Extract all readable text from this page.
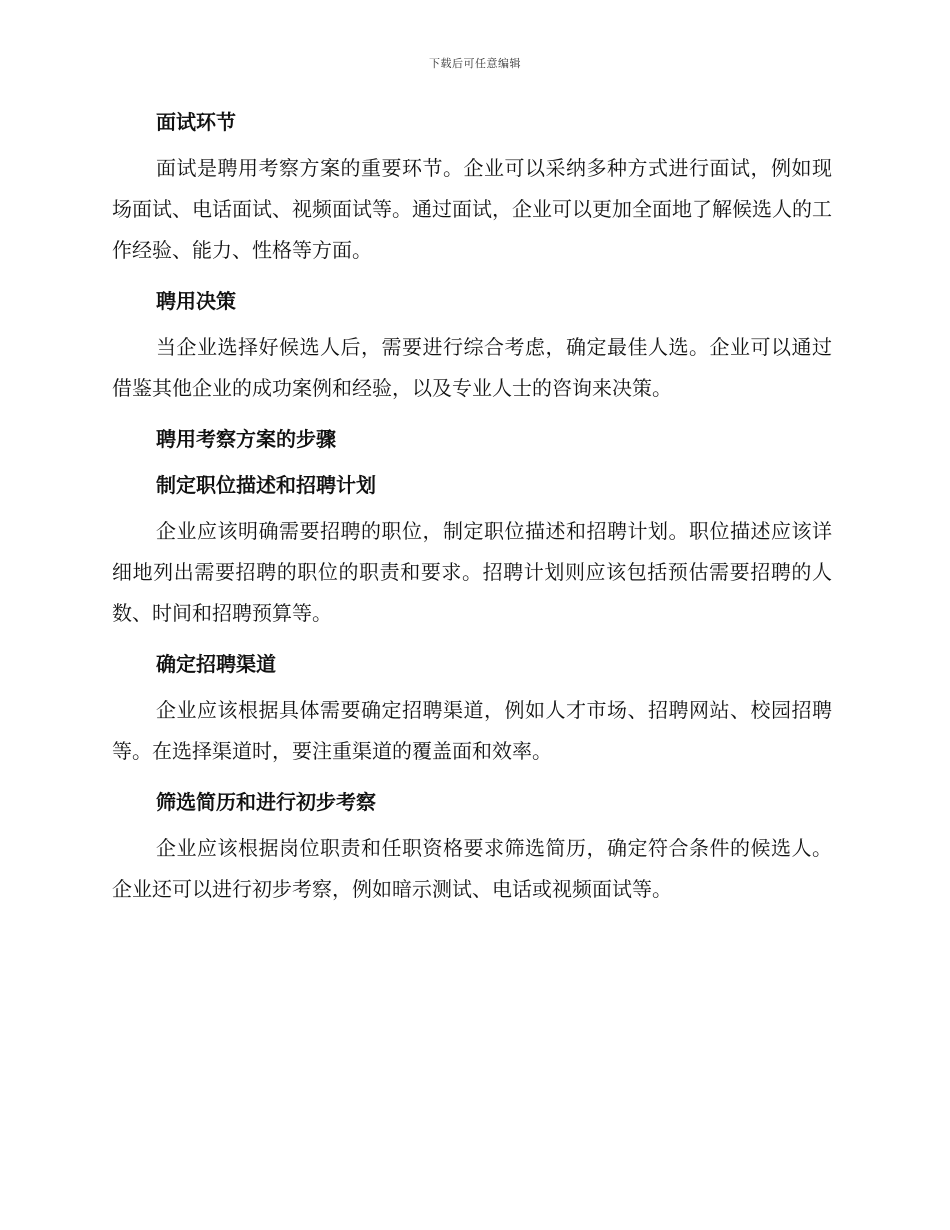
下载后可任意编辑
面试环节

面试是聘用考察方案的重要环节。企业可以采纳多种方式进行面试，例如现场面试、电话面试、视频面试等。通过面试，企业可以更加全面地了解候选人的工作经验、能力、性格等方面。

聘用决策

当企业选择好候选人后，需要进行综合考虑，确定最佳人选。企业可以通过借鉴其他企业的成功案例和经验，以及专业人士的咨询来决策。

聘用考察方案的步骤
制定职位描述和招聘计划

企业应该明确需要招聘的职位，制定职位描述和招聘计划。职位描述应该详细地列出需要招聘的职位的职责和要求。招聘计划则应该包括预估需要招聘的人数、时间和招聘预算等。

确定招聘渠道

企业应该根据具体需要确定招聘渠道，例如人才市场、招聘网站、校园招聘等。在选择渠道时，要注重渠道的覆盖面和效率。

筛选简历和进行初步考察

企业应该根据岗位职责和任职资格要求筛选简历，确定符合条件的候选人。企业还可以进行初步考察，例如暗示测试、电话或视频面试等。
